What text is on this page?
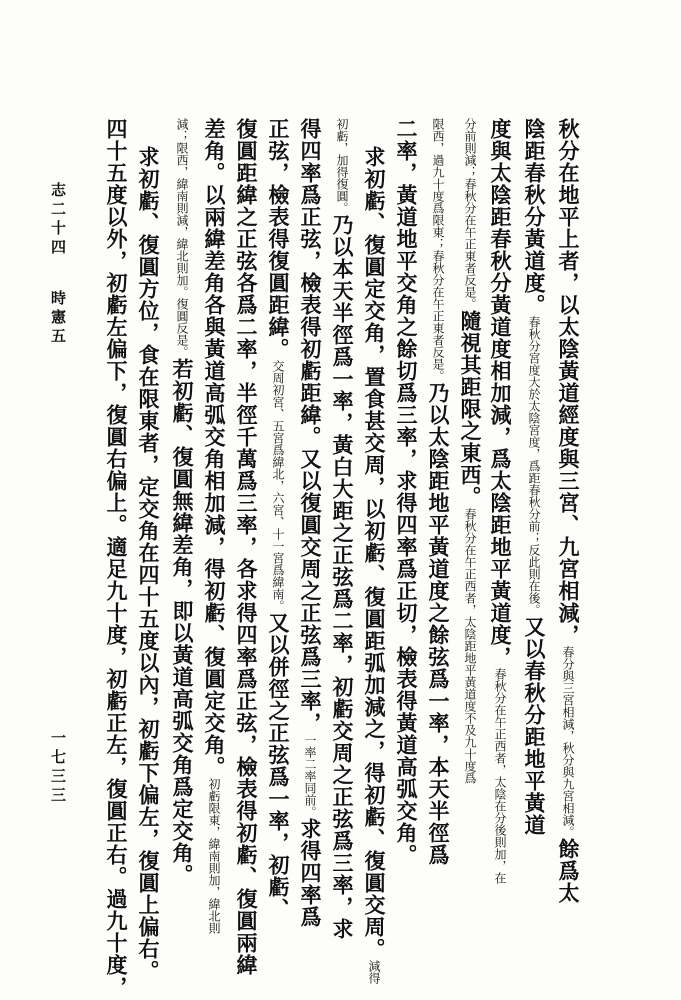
秋分在地平上者，以太陰黃道經度與三宮、九宮相減，春分與三宮相減，秋分與九宮相減。餘爲太
陰距春秋分黃道度。春秋分宮度大於太陰宮度，爲距春秋分前；反此則在後。又以春秋分距地平黃道
度與太陰距春秋分黃道度相加減，爲太陰距地平黃道度，春秋分在午正西者，太陰在分後則加，在
分前則減；春秋分在午正東者反是。隨視其距限之東西。春秋分在午正西者，太陰距地平黃道度不及九十度爲
限西，過九十度爲限東；春秋分在午正東者反是。乃以太陰距地平黃道度之餘弦爲一率，本天半徑爲
二率，黃道地平交角之餘切爲三率，求得四率爲正切，檢表得黃道高弧交角。
求初虧、復圓定交角，置食甚交周，以初虧、復圓距弧加減之，得初虧、復圓交周。減得
初虧，加得復圓。乃以本天半徑爲一率，黃白大距之正弦爲二率，初虧交周之正弦爲三率，求
得四率爲正弦，檢表得初虧距緯。又以復圓交周之正弦爲三率，一率二率同前。求得四率爲
正弦，檢表得復圓距緯。交周初宮、五宮爲緯北，六宮、十一宮爲緯南。又以併徑之正弦爲一率，初虧、
復圓距緯之正弦各爲二率，半徑千萬爲三率，各求得四率爲正弦，檢表得初虧、復圓兩緯
差角。以兩緯差角各與黃道高弧交角相加減，得初虧、復圓定交角。初虧限東，緯南則加，緯北則
減；限西，緯南則減，緯北則加。復圓反是。若初虧、復圓無緯差角，即以黃道高弧交角爲定交角。
求初虧、復圓方位，食在限東者，定交角在四十五度以內，初虧下偏左，復圓上偏右。
四十五度以外，初虧左偏下，復圓右偏上。適足九十度，初虧正左，復圓正右。過九十度，
志二十四
時憲五
一七三三
